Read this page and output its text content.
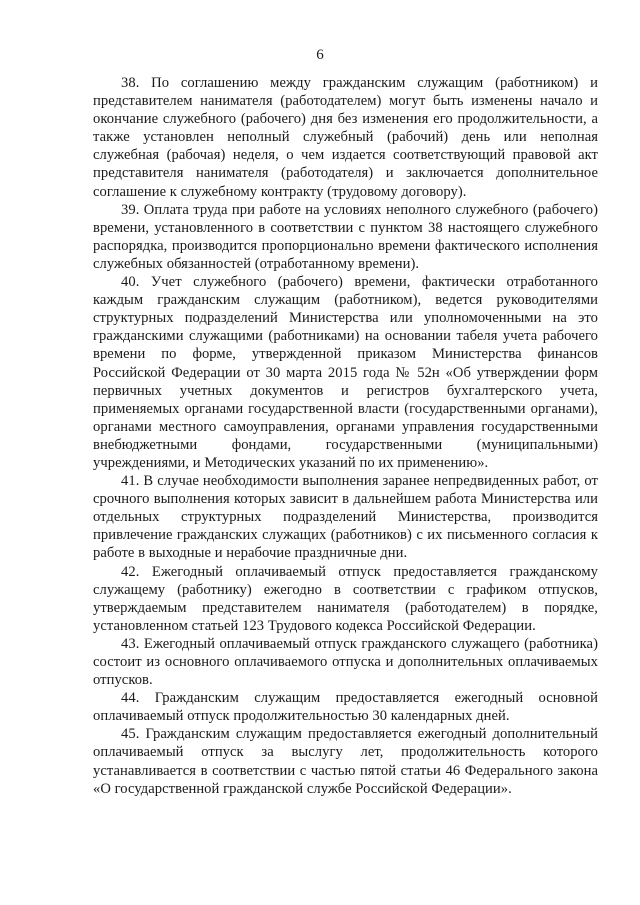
6

38. По соглашению между гражданским служащим (работником) и представителем нанимателя (работодателем) могут быть изменены начало и окончание служебного (рабочего) дня без изменения его продолжительности, а также установлен неполный служебный (рабочий) день или неполная служебная (рабочая) неделя, о чем издается соответствующий правовой акт представителя нанимателя (работодателя) и заключается дополнительное соглашение к служебному контракту (трудовому договору).

39. Оплата труда при работе на условиях неполного служебного (рабочего) времени, установленного в соответствии с пунктом 38 настоящего служебного распорядка, производится пропорционально времени фактического исполнения служебных обязанностей (отработанному времени).

40. Учет служебного (рабочего) времени, фактически отработанного каждым гражданским служащим (работником), ведется руководителями структурных подразделений Министерства или уполномоченными на это гражданскими служащими (работниками) на основании табеля учета рабочего времени по форме, утвержденной приказом Министерства финансов Российской Федерации от 30 марта 2015 года № 52н «Об утверждении форм первичных учетных документов и регистров бухгалтерского учета, применяемых органами государственной власти (государственными органами), органами местного самоуправления, органами управления государственными внебюджетными фондами, государственными (муниципальными) учреждениями, и Методических указаний по их применению».

41. В случае необходимости выполнения заранее непредвиденных работ, от срочного выполнения которых зависит в дальнейшем работа Министерства или отдельных структурных подразделений Министерства, производится привлечение гражданских служащих (работников) с их письменного согласия к работе в выходные и нерабочие праздничные дни.

42. Ежегодный оплачиваемый отпуск предоставляется гражданскому служащему (работнику) ежегодно в соответствии с графиком отпусков, утверждаемым представителем нанимателя (работодателем) в порядке, установленном статьей 123 Трудового кодекса Российской Федерации.

43. Ежегодный оплачиваемый отпуск гражданского служащего (работника) состоит из основного оплачиваемого отпуска и дополнительных оплачиваемых отпусков.

44. Гражданским служащим предоставляется ежегодный основной оплачиваемый отпуск продолжительностью 30 календарных дней.

45. Гражданским служащим предоставляется ежегодный дополнительный оплачиваемый отпуск за выслугу лет, продолжительность которого устанавливается в соответствии с частью пятой статьи 46 Федерального закона «О государственной гражданской службе Российской Федерации».
